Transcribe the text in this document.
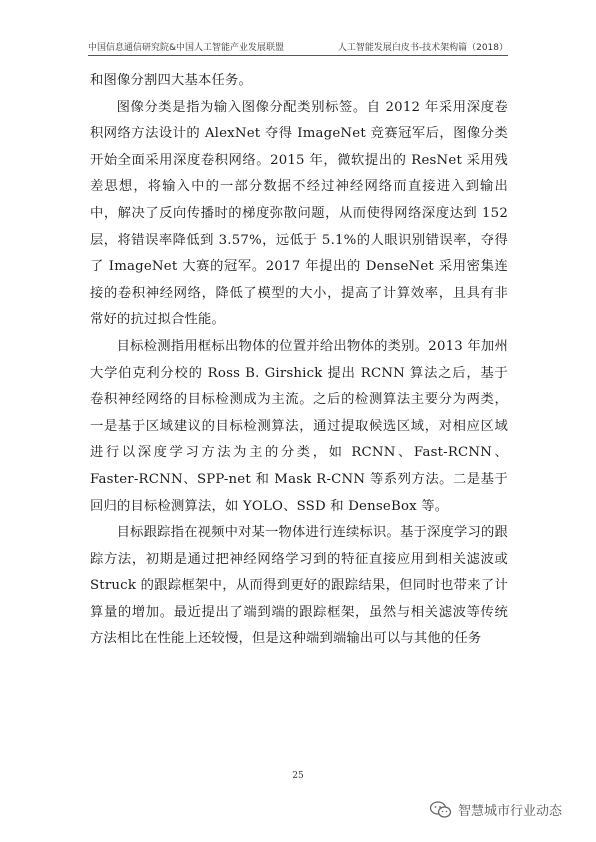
中国信息通信研究院&中国人工智能产业发展联盟	人工智能发展白皮书-技术架构篇（2018）

和图像分割四大基本任务。

图像分类是指为输入图像分配类别标签。自 2012 年采用深度卷积网络方法设计的 AlexNet 夺得 ImageNet 竞赛冠军后，图像分类开始全面采用深度卷积网络。2015 年，微软提出的 ResNet 采用残差思想，将输入中的一部分数据不经过神经网络而直接进入到输出中，解决了反向传播时的梯度弥散问题，从而使得网络深度达到 152 层，将错误率降低到 3.57%，远低于 5.1%的人眼识别错误率，夺得了 ImageNet 大赛的冠军。2017 年提出的 DenseNet 采用密集连接的卷积神经网络，降低了模型的大小，提高了计算效率，且具有非常好的抗过拟合性能。

目标检测指用框标出物体的位置并给出物体的类别。2013 年加州大学伯克利分校的 Ross B. Girshick 提出 RCNN 算法之后，基于卷积神经网络的目标检测成为主流。之后的检测算法主要分为两类，一是基于区域建议的目标检测算法，通过提取候选区域，对相应区域进行以深度学习方法为主的分类，如 RCNN、Fast-RCNN、Faster-RCNN、SPP-net 和 Mask R-CNN 等系列方法。二是基于回归的目标检测算法，如 YOLO、SSD 和 DenseBox 等。

目标跟踪指在视频中对某一物体进行连续标识。基于深度学习的跟踪方法，初期是通过把神经网络学习到的特征直接应用到相关滤波或 Struck 的跟踪框架中，从而得到更好的跟踪结果，但同时也带来了计算量的增加。最近提出了端到端的跟踪框架，虽然与相关滤波等传统方法相比在性能上还较慢，但是这种端到端输出可以与其他的任务

25
智慧城市行业动态
